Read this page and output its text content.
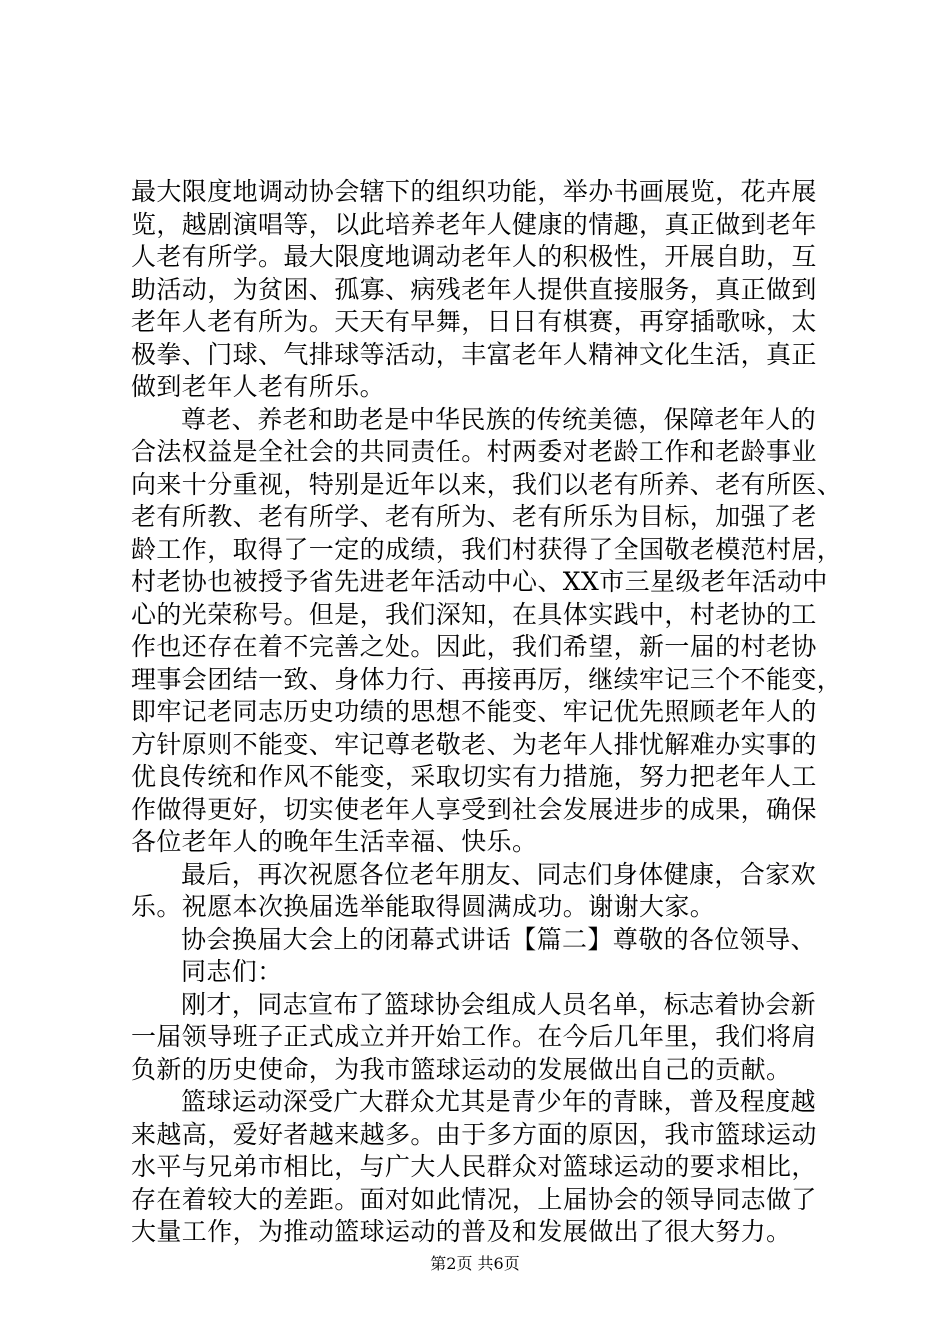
最大限度地调动协会辖下的组织功能，举办书画展览，花卉展
览，越剧演唱等，以此培养老年人健康的情趣，真正做到老年
人老有所学。最大限度地调动老年人的积极性，开展自助，互
助活动，为贫困、孤寡、病残老年人提供直接服务，真正做到
老年人老有所为。天天有早舞，日日有棋赛，再穿插歌咏，太
极拳、门球、气排球等活动，丰富老年人精神文化生活，真正
做到老年人老有所乐。
尊老、养老和助老是中华民族的传统美德，保障老年人的
合法权益是全社会的共同责任。村两委对老龄工作和老龄事业
向来十分重视，特别是近年以来，我们以老有所养、老有所医、
老有所教、老有所学、老有所为、老有所乐为目标，加强了老
龄工作，取得了一定的成绩，我们村获得了全国敬老模范村居，
村老协也被授予省先进老年活动中心、XX市三星级老年活动中
心的光荣称号。但是，我们深知，在具体实践中，村老协的工
作也还存在着不完善之处。因此，我们希望，新一届的村老协
理事会团结一致、身体力行、再接再厉，继续牢记三个不能变，
即牢记老同志历史功绩的思想不能变、牢记优先照顾老年人的
方针原则不能变、牢记尊老敬老、为老年人排忧解难办实事的
优良传统和作风不能变，采取切实有力措施，努力把老年人工
作做得更好，切实使老年人享受到社会发展进步的成果，确保
各位老年人的晚年生活幸福、快乐。
最后，再次祝愿各位老年朋友、同志们身体健康，合家欢
乐。祝愿本次换届选举能取得圆满成功。谢谢大家。
协会换届大会上的闭幕式讲话【篇二】尊敬的各位领导、
同志们：
刚才，同志宣布了篮球协会组成人员名单，标志着协会新
一届领导班子正式成立并开始工作。在今后几年里，我们将肩
负新的历史使命，为我市篮球运动的发展做出自己的贡献。
篮球运动深受广大群众尤其是青少年的青睐，普及程度越
来越高，爱好者越来越多。由于多方面的原因，我市篮球运动
水平与兄弟市相比，与广大人民群众对篮球运动的要求相比，
存在着较大的差距。面对如此情况，上届协会的领导同志做了
大量工作，为推动篮球运动的普及和发展做出了很大努力。
第2页 共6页
